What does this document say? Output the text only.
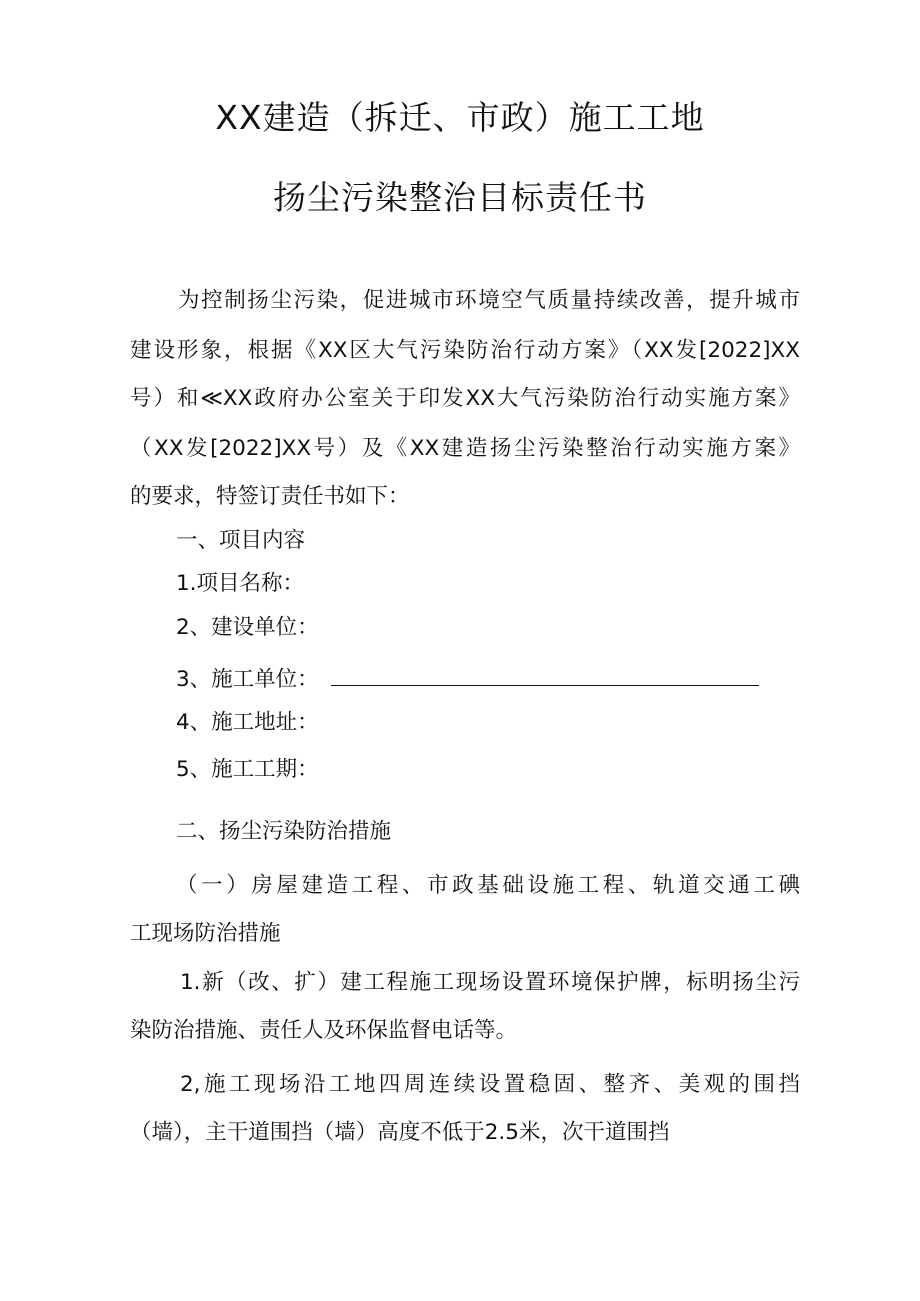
XX建造（拆迁、市政）施工工地
扬尘污染整治目标责任书
为控制扬尘污染，促进城市环境空气质量持续改善，提升城市
建设形象，根据《XX区大气污染防治行动方案》（XX发[2022]XX
号）和≪XX政府办公室关于印发XX大气污染防治行动实施方案》
（XX发[2022]XX号）及《XX建造扬尘污染整治行动实施方案》
的要求，特签订责任书如下：
一、项目内容
1.项目名称：
2、建设单位：
3、施工单位：
4、施工地址：
5、施工工期：
二、扬尘污染防治措施
（一）房屋建造工程、市政基础设施工程、轨道交通工碘
工现场防治措施
1.新（改、扩）建工程施工现场设置环境保护牌，标明扬尘污
染防治措施、责任人及环保监督电话等。
2,施工现场沿工地四周连续设置稳固、整齐、美观的围挡
（墙），主干道围挡（墙）高度不低于2.5米，次干道围挡
